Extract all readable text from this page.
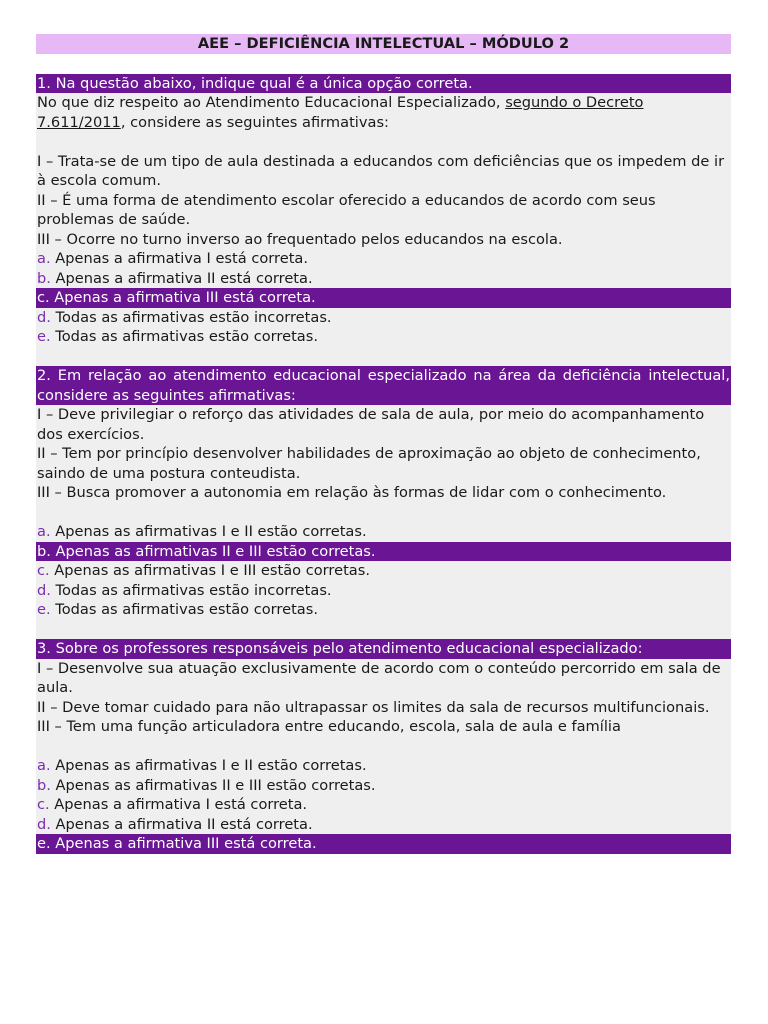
AEE – DEFICIÊNCIA INTELECTUAL – MÓDULO 2
1. Na questão abaixo, indique qual é a única opção correta.
No que diz respeito ao Atendimento Educacional Especializado, segundo o Decreto 7.611/2011, considere as seguintes afirmativas:
I – Trata-se de um tipo de aula destinada a educandos com deficiências que os impedem de ir à escola comum.
II – É uma forma de atendimento escolar oferecido a educandos de acordo com seus problemas de saúde.
III – Ocorre no turno inverso ao frequentado pelos educandos na escola.
a. Apenas a afirmativa I está correta.
b. Apenas a afirmativa II está correta.
c. Apenas a afirmativa III está correta.
d. Todas as afirmativas estão incorretas.
e. Todas as afirmativas estão corretas.
2. Em relação ao atendimento educacional especializado na área da deficiência intelectual, considere as seguintes afirmativas:
I – Deve privilegiar o reforço das atividades de sala de aula, por meio do acompanhamento dos exercícios.
II – Tem por princípio desenvolver habilidades de aproximação ao objeto de conhecimento, saindo de uma postura conteudista.
III – Busca promover a autonomia em relação às formas de lidar com o conhecimento.
a. Apenas as afirmativas I e II estão corretas.
b. Apenas as afirmativas II e III estão corretas.
c. Apenas as afirmativas I e III estão corretas.
d. Todas as afirmativas estão incorretas.
e. Todas as afirmativas estão corretas.
3. Sobre os professores responsáveis pelo atendimento educacional especializado:
I – Desenvolve sua atuação exclusivamente de acordo com o conteúdo percorrido em sala de aula.
II – Deve tomar cuidado para não ultrapassar os limites da sala de recursos multifuncionais.
III – Tem uma função articuladora entre educando, escola, sala de aula e família
a. Apenas as afirmativas I e II estão corretas.
b. Apenas as afirmativas II e III estão corretas.
c. Apenas a afirmativa I está correta.
d. Apenas a afirmativa II está correta.
e. Apenas a afirmativa III está correta.
